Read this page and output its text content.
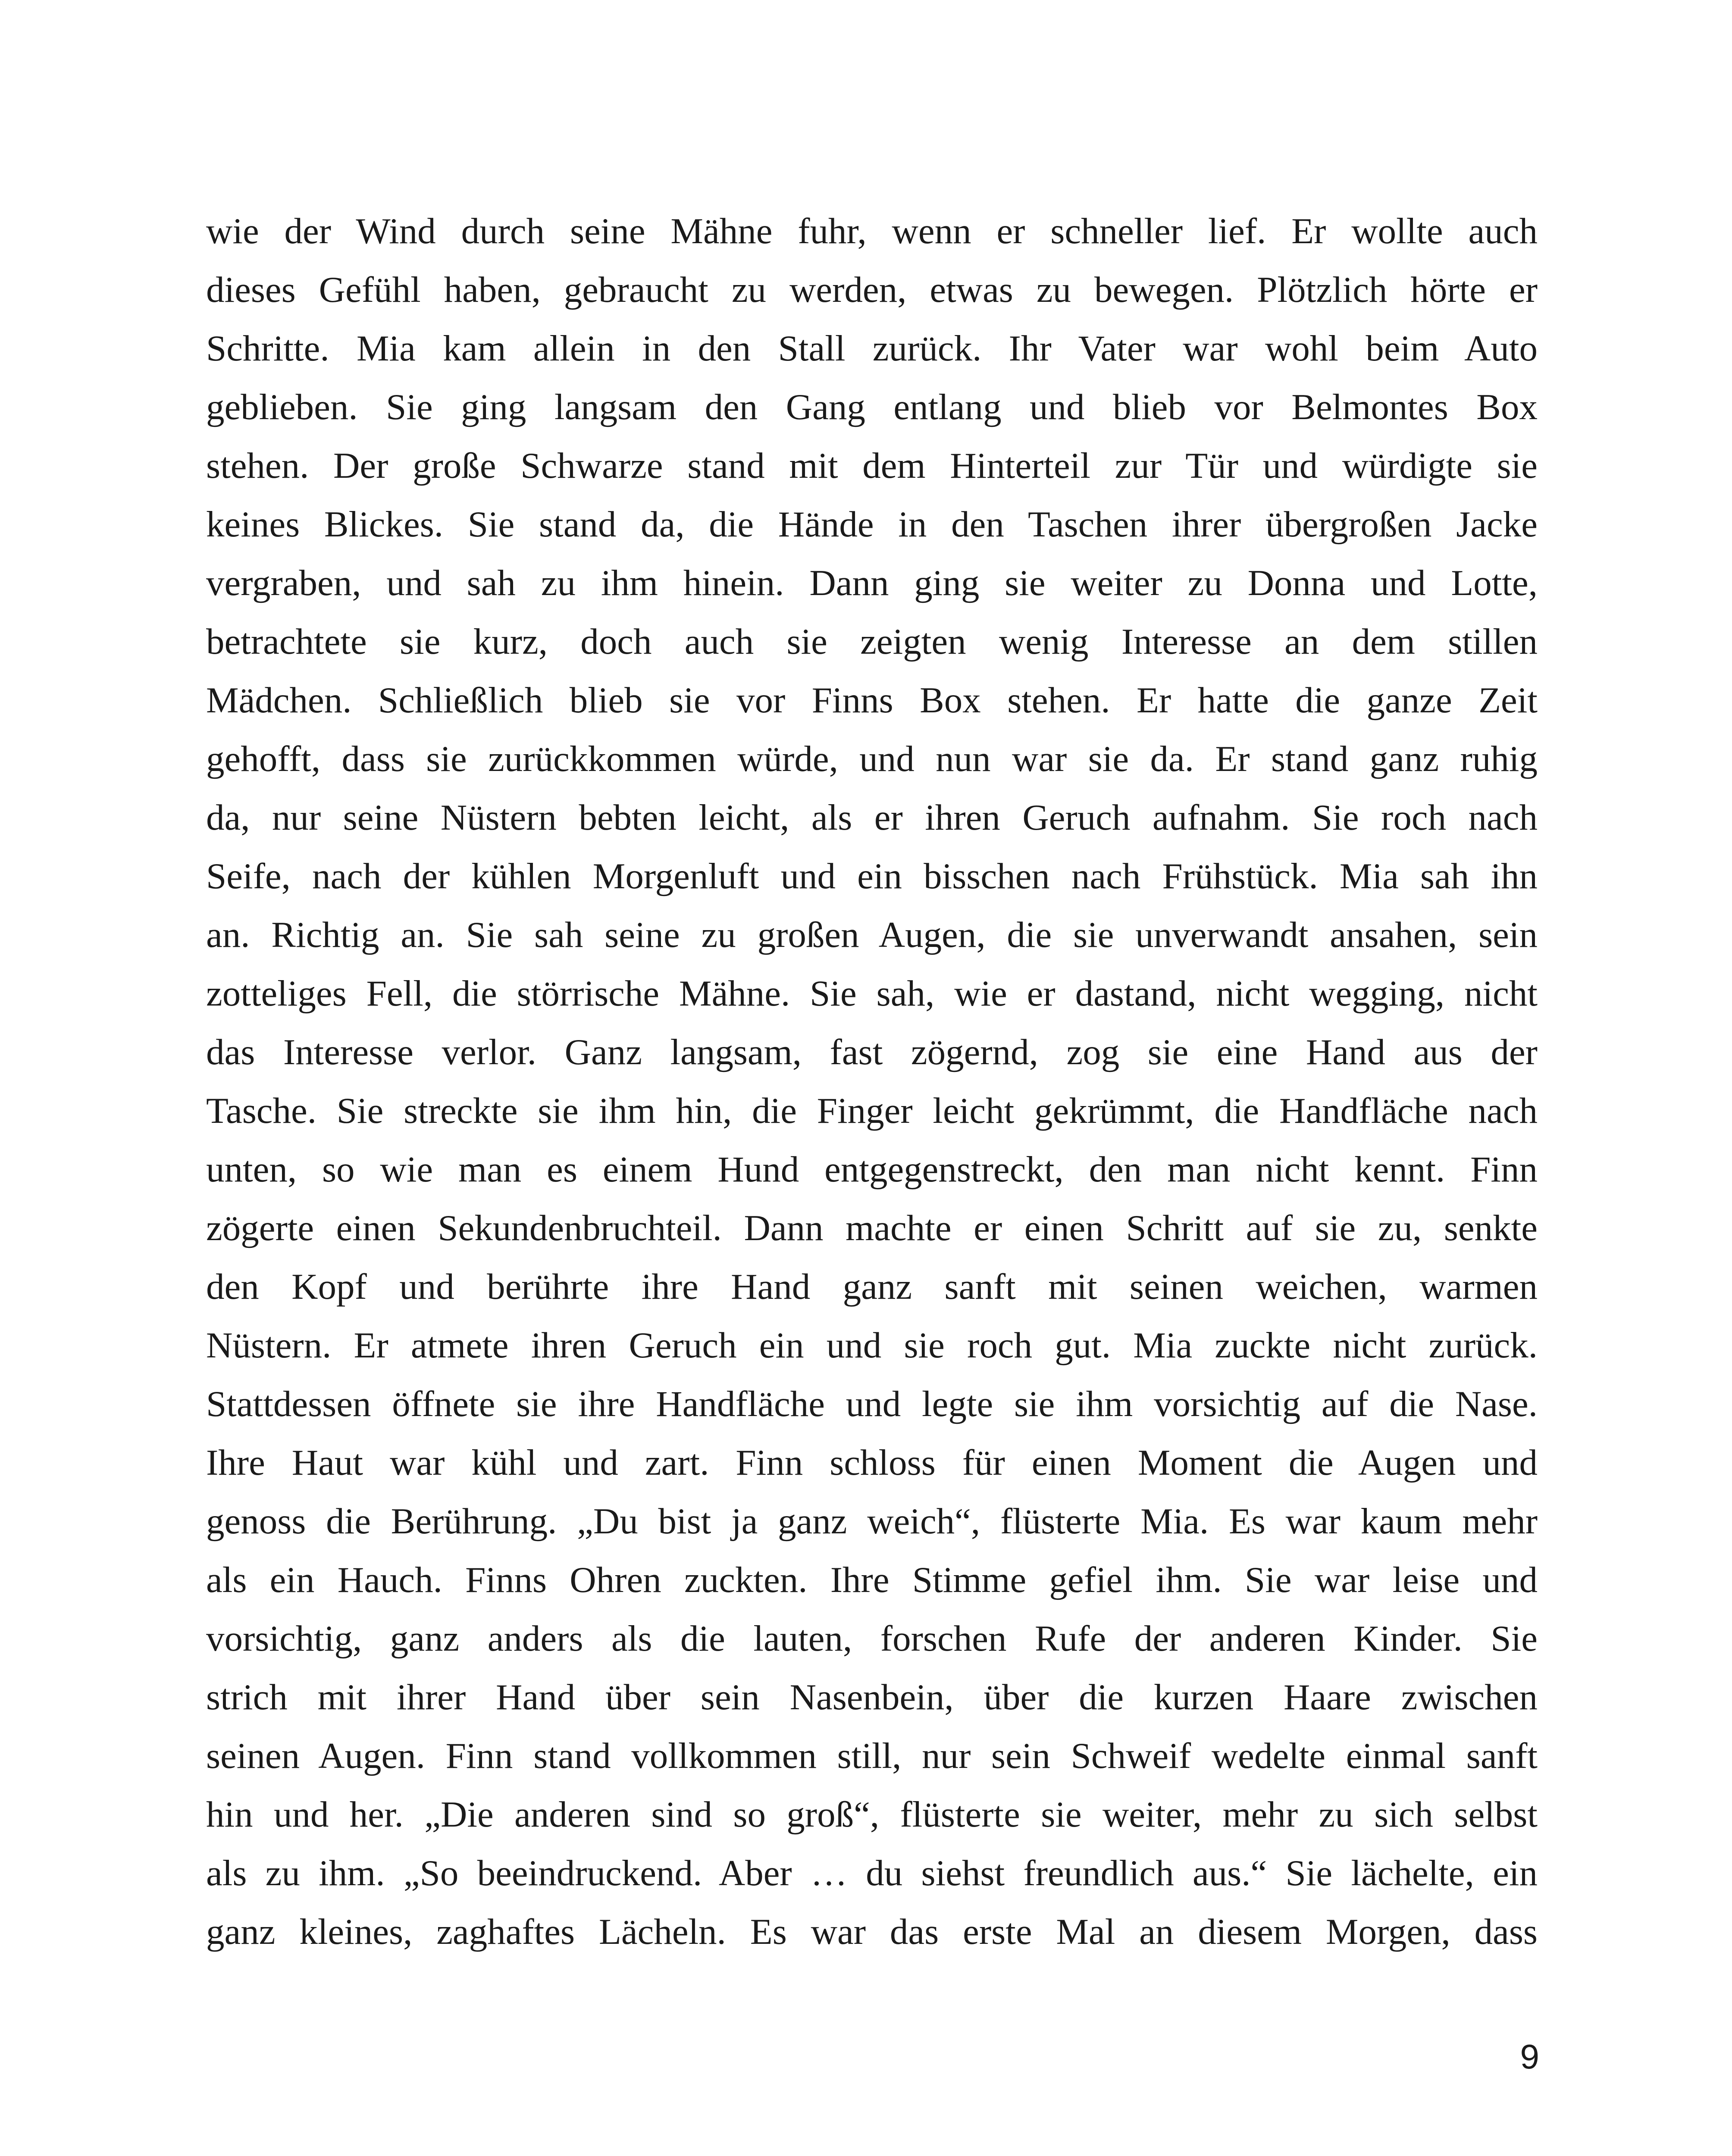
wie der Wind durch seine Mähne fuhr, wenn er schneller lief. Er wollte auch
dieses Gefühl haben, gebraucht zu werden, etwas zu bewegen. Plötzlich hörte er
Schritte. Mia kam allein in den Stall zurück. Ihr Vater war wohl beim Auto
geblieben. Sie ging langsam den Gang entlang und blieb vor Belmontes Box
stehen. Der große Schwarze stand mit dem Hinterteil zur Tür und würdigte sie
keines Blickes. Sie stand da, die Hände in den Taschen ihrer übergroßen Jacke
vergraben, und sah zu ihm hinein. Dann ging sie weiter zu Donna und Lotte,
betrachtete sie kurz, doch auch sie zeigten wenig Interesse an dem stillen
Mädchen. Schließlich blieb sie vor Finns Box stehen. Er hatte die ganze Zeit
gehofft, dass sie zurückkommen würde, und nun war sie da. Er stand ganz ruhig
da, nur seine Nüstern bebten leicht, als er ihren Geruch aufnahm. Sie roch nach
Seife, nach der kühlen Morgenluft und ein bisschen nach Frühstück. Mia sah ihn
an. Richtig an. Sie sah seine zu großen Augen, die sie unverwandt ansahen, sein
zotteliges Fell, die störrische Mähne. Sie sah, wie er dastand, nicht wegging, nicht
das Interesse verlor. Ganz langsam, fast zögernd, zog sie eine Hand aus der
Tasche. Sie streckte sie ihm hin, die Finger leicht gekrümmt, die Handfläche nach
unten, so wie man es einem Hund entgegenstreckt, den man nicht kennt. Finn
zögerte einen Sekundenbruchteil. Dann machte er einen Schritt auf sie zu, senkte
den Kopf und berührte ihre Hand ganz sanft mit seinen weichen, warmen
Nüstern. Er atmete ihren Geruch ein und sie roch gut. Mia zuckte nicht zurück.
Stattdessen öffnete sie ihre Handfläche und legte sie ihm vorsichtig auf die Nase.
Ihre Haut war kühl und zart. Finn schloss für einen Moment die Augen und
genoss die Berührung. „Du bist ja ganz weich“, flüsterte Mia. Es war kaum mehr
als ein Hauch. Finns Ohren zuckten. Ihre Stimme gefiel ihm. Sie war leise und
vorsichtig, ganz anders als die lauten, forschen Rufe der anderen Kinder. Sie
strich mit ihrer Hand über sein Nasenbein, über die kurzen Haare zwischen
seinen Augen. Finn stand vollkommen still, nur sein Schweif wedelte einmal sanft
hin und her. „Die anderen sind so groß“, flüsterte sie weiter, mehr zu sich selbst
als zu ihm. „So beeindruckend. Aber … du siehst freundlich aus.“ Sie lächelte, ein
ganz kleines, zaghaftes Lächeln. Es war das erste Mal an diesem Morgen, dass
9
